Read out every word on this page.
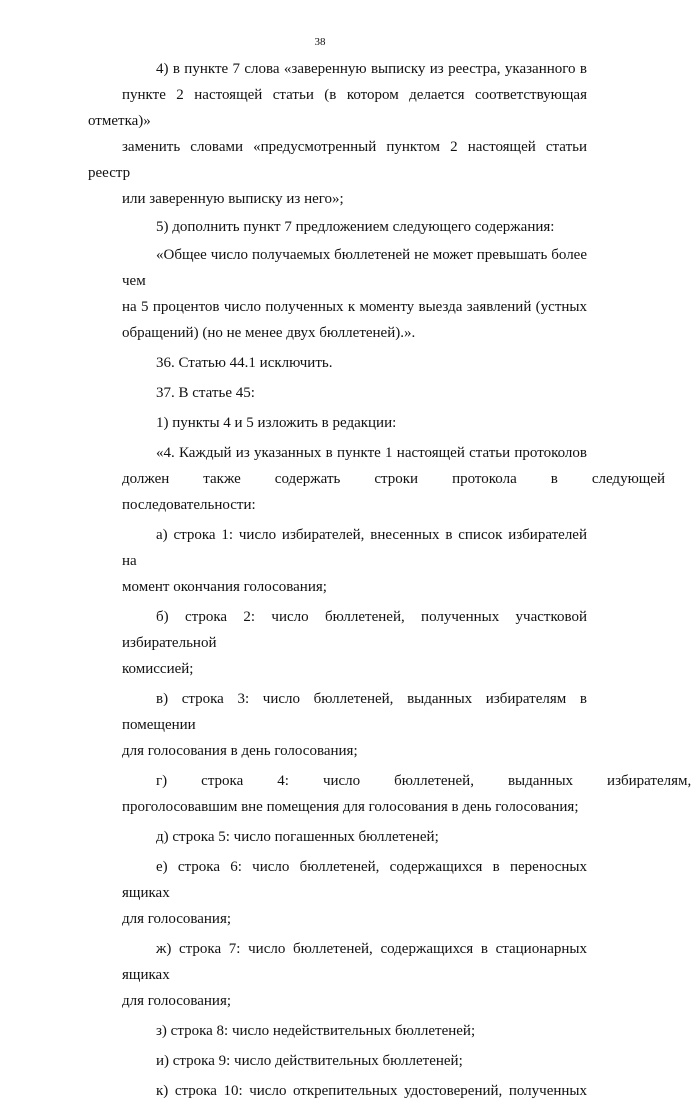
38
4) в пункте 7 слова «заверенную выписку из реестра, указанного в
пункте 2 настоящей статьи (в котором делается соответствующая отметка)»
заменить словами «предусмотренный пунктом 2 настоящей статьи реестр
или заверенную выписку из него»;
5) дополнить пункт 7 предложением следующего содержания:
«Общее число получаемых бюллетеней не может превышать более чем
на 5 процентов число полученных к моменту выезда заявлений (устных
обращений) (но не менее двух бюллетеней).».
36. Статью 44.1 исключить.
37. В статье 45:
1) пункты 4 и 5 изложить в редакции:
«4. Каждый из указанных в пункте 1 настоящей статьи протоколов
должен	также	содержать	строки	протокола	в	следующей
последовательности:
а) строка 1: число избирателей, внесенных в список избирателей на
момент окончания голосования;
б) строка 2: число бюллетеней, полученных участковой избирательной
комиссией;
в) строка 3: число бюллетеней, выданных избирателям в помещении
для голосования в день голосования;
г)	строка	4:	число	бюллетеней,	выданных	избирателям,
проголосовавшим вне помещения для голосования в день голосования;
д) строка 5: число погашенных бюллетеней;
е) строка 6: число бюллетеней, содержащихся в переносных ящиках
для голосования;
ж) строка 7: число бюллетеней, содержащихся в стационарных ящиках
для голосования;
з) строка 8: число недействительных бюллетеней;
и) строка 9: число действительных бюллетеней;
к) строка 10: число открепительных удостоверений, полученных
